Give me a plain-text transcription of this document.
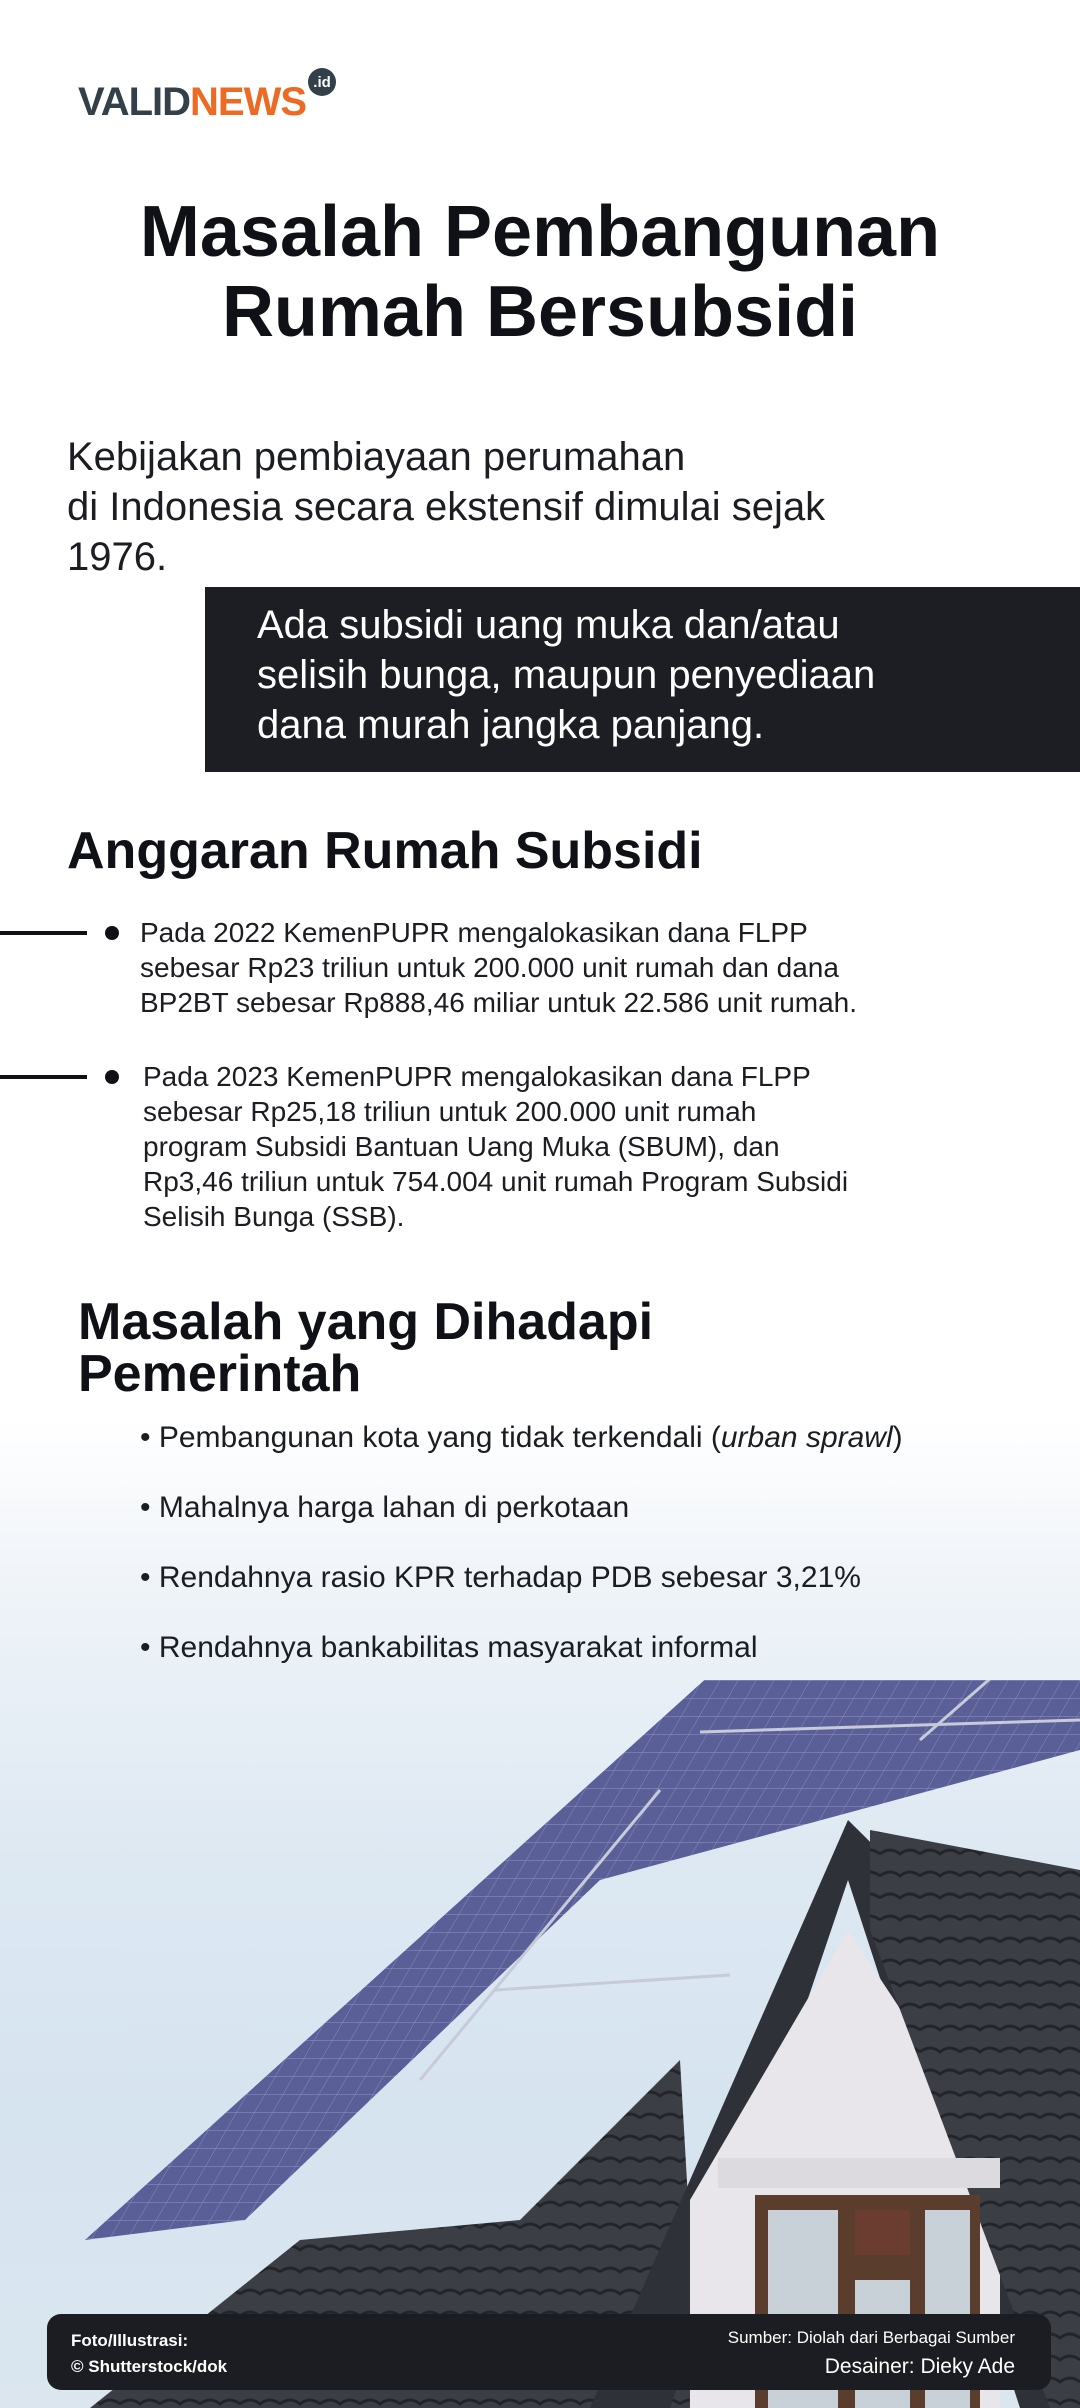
VALID NEWS .id
Masalah Pembangunan
Rumah Bersubsidi
Kebijakan pembiayaan perumahan
di Indonesia secara ekstensif dimulai sejak
1976.
Ada subsidi uang muka dan/atau
selisih bunga, maupun penyediaan
dana murah jangka panjang.
Anggaran Rumah Subsidi
Pada 2022 KemenPUPR mengalokasikan dana FLPP
sebesar Rp23 triliun untuk 200.000 unit rumah dan dana
BP2BT sebesar Rp888,46 miliar untuk 22.586 unit rumah.
Pada 2023 KemenPUPR mengalokasikan dana FLPP
sebesar Rp25,18 triliun untuk 200.000 unit rumah
program Subsidi Bantuan Uang Muka (SBUM), dan
Rp3,46 triliun untuk 754.004 unit rumah Program Subsidi
Selisih Bunga (SSB).
Masalah yang Dihadapi
Pemerintah
• Pembangunan kota yang tidak terkendali (urban sprawl)
• Mahalnya harga lahan di perkotaan
• Rendahnya rasio KPR terhadap PDB sebesar 3,21%
• Rendahnya bankabilitas masyarakat informal
Foto/Illustrasi:
© Shutterstock/dok
Sumber: Diolah dari Berbagai Sumber
Desainer: Dieky Ade
